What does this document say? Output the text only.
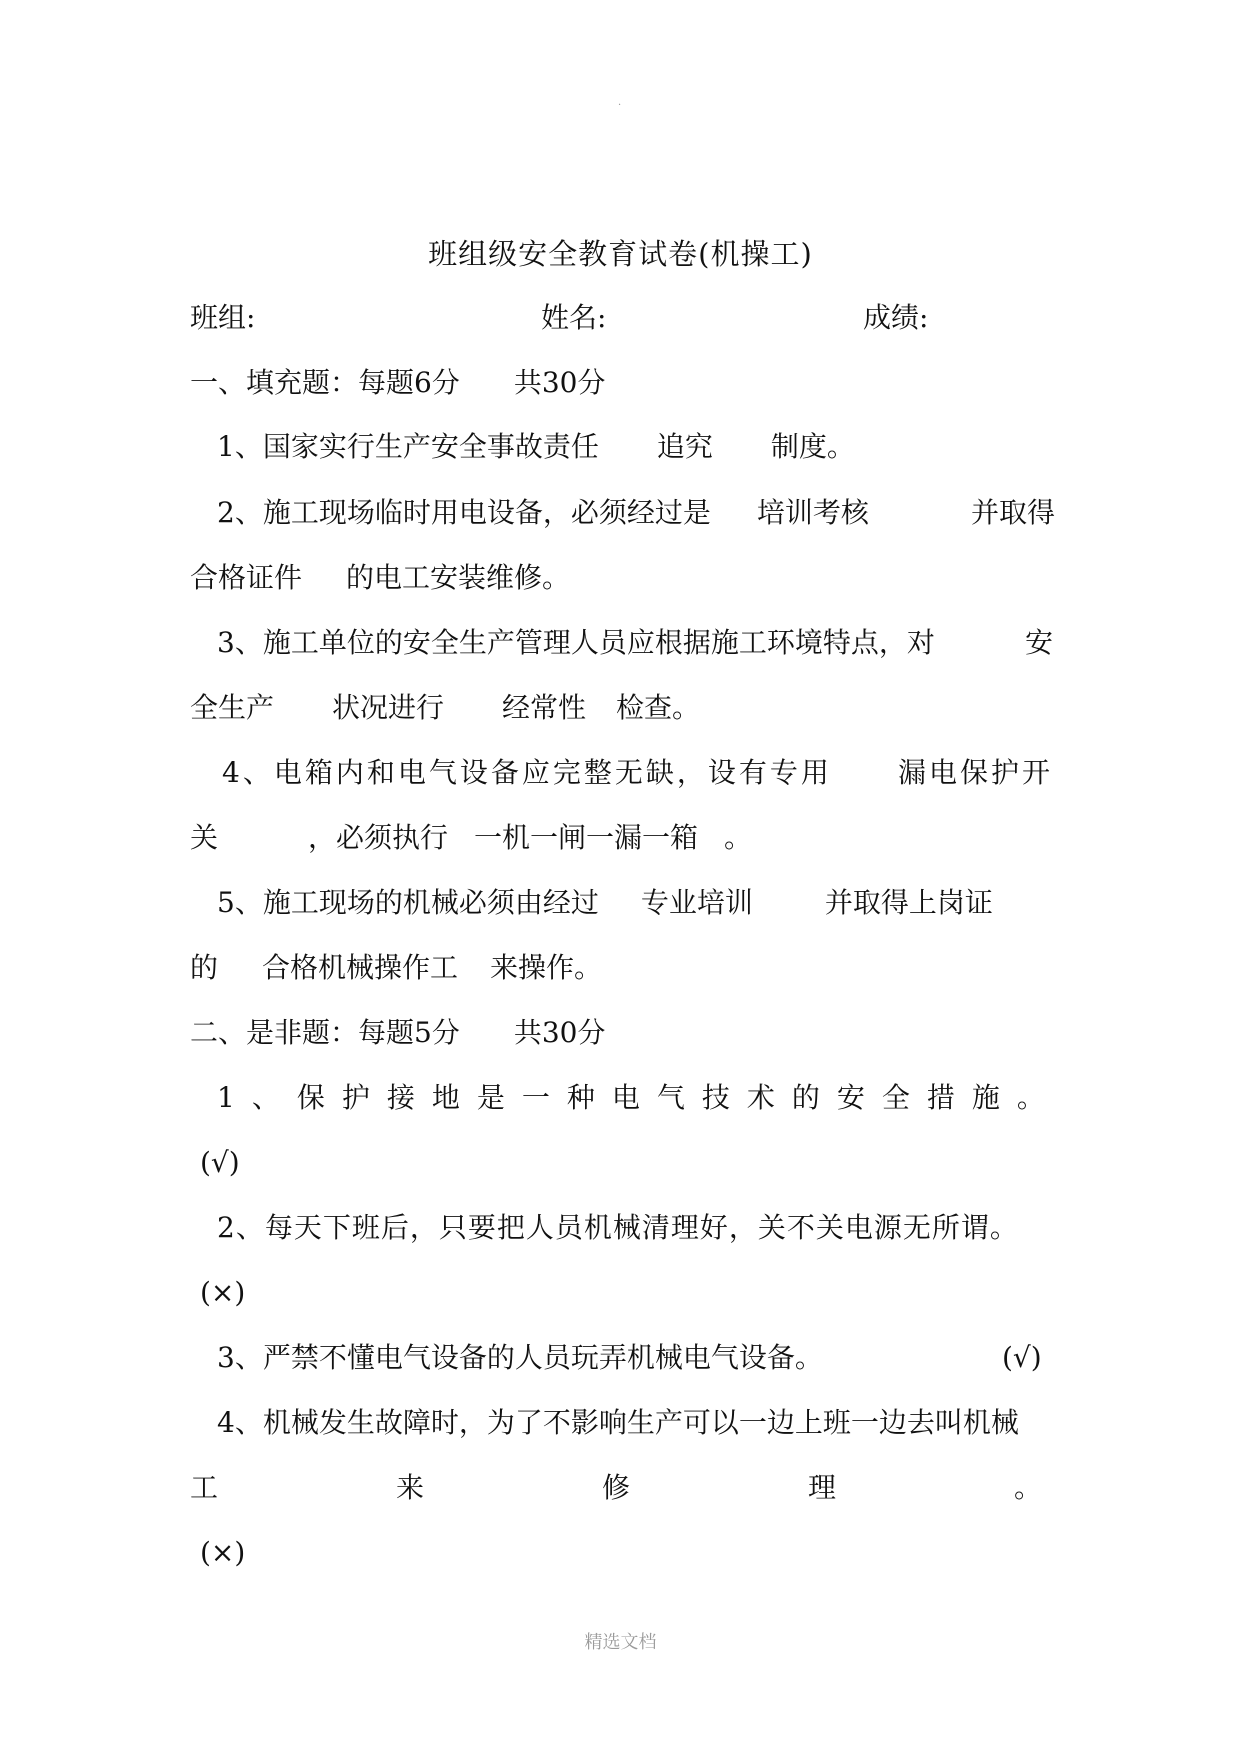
·
班组级安全教育试卷(机操工)
班组:	姓名:	成绩:
一、填充题：每题6分 共30分
1、国家实行生产安全事故责任 追究 制度。
2、施工现场临时用电设备，必须经过是 培训考核	并取得
合格证件 的电工安装维修。
3、施工单位的安全生产管理人员应根据施工环境特点，对	安
全生产 状况进行 经常性 检查。
4、电箱内和电气设备应完整无缺，设有专用 漏电保护开
关	，必须执行 一机一闸一漏一箱 。
5、施工现场的机械必须由经过 专业培训	并取得上岗证
的 合格机械操作工 来操作。
二、是非题：每题5分 共30分
1 、 保 护 接 地 是 一 种 电 气 技 术 的 安 全 措 施 。
(√)
2、每天下班后，只要把人员机械清理好，关不关电源无所谓。
(×)
3、严禁不懂电气设备的人员玩弄机械电气设备。	(√)
4、机械发生故障时，为了不影响生产可以一边上班一边去叫机械
工	来	修	理	。
(×)
精选文档
